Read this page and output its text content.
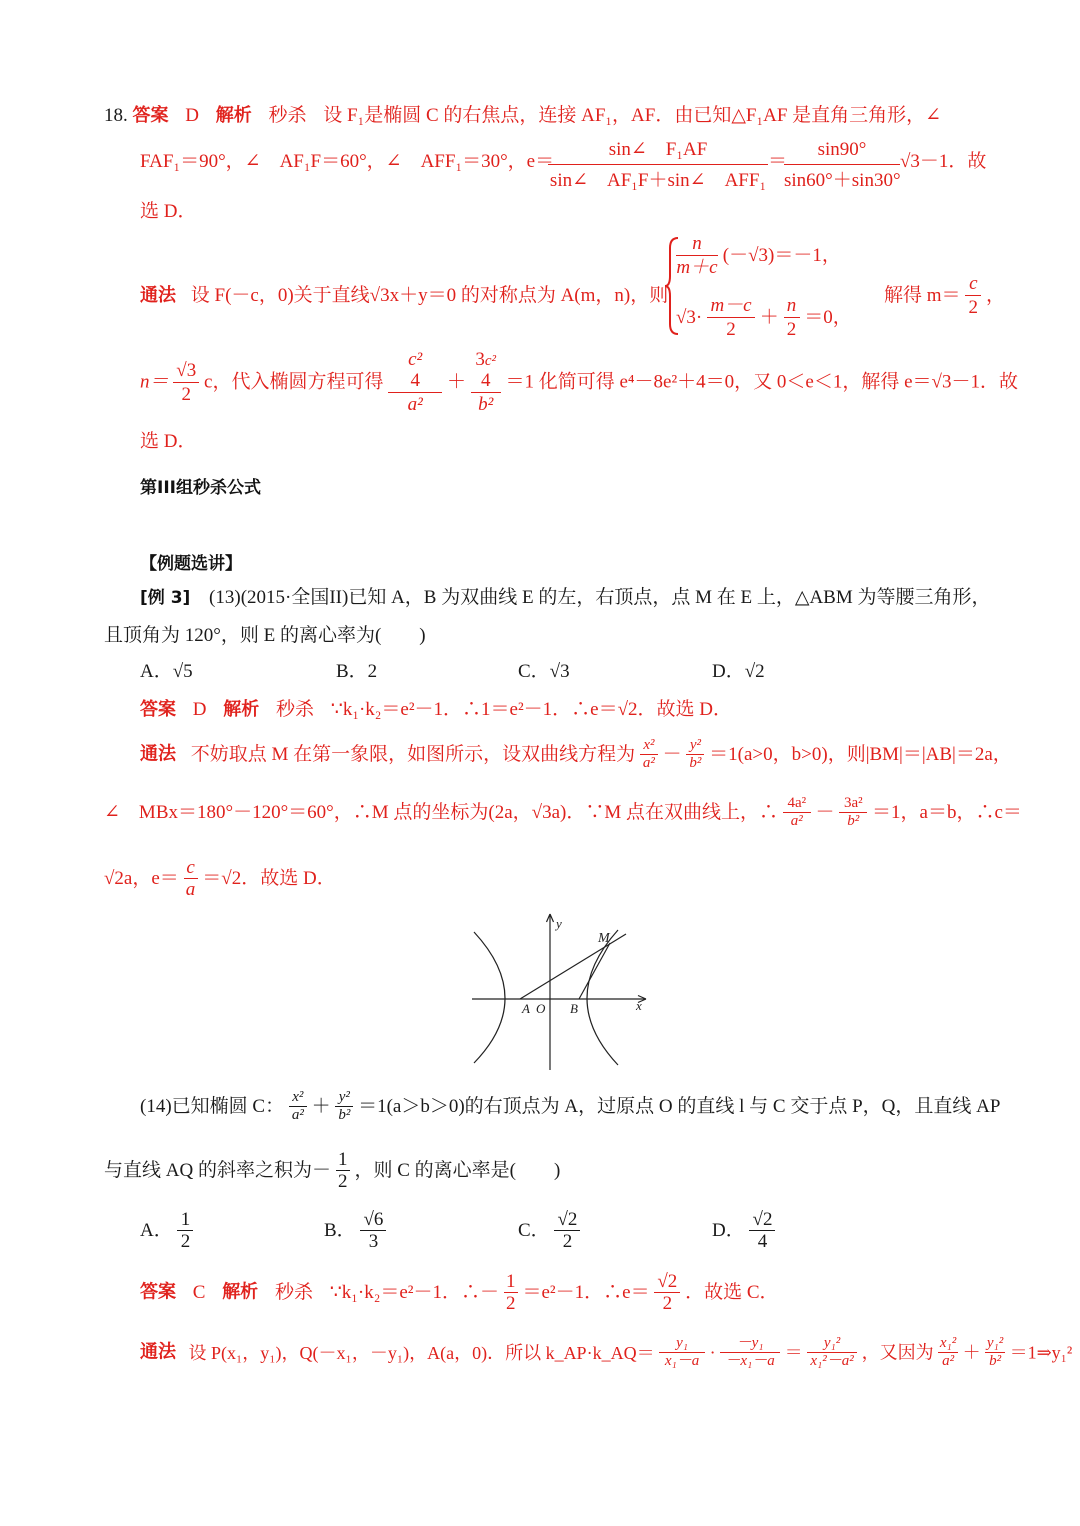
18. 答案 D 解析 秒杀 设 F₁是椭圆 C 的右焦点，连接 AF₁，AF．由已知△F₁AF 是直角三角形，∠
FAF₁＝90°，∠　AF₁F＝60°，∠　AFF₁＝30°，e＝
sin∠　F₁AF
sin∠　AF₁F＋sin∠　AFF₁
＝
sin90°
sin60°＋sin30°
√3－1．故
选 D．
通法 设 F(－c，0)关于直线√3x＋y＝0 的对称点为 A(m，n)，则
$\frac{n}{m+c} (-√3)=-1$，
$√3\cdot \frac{m-c}{2} + \frac{n}{2} =0$，
解得 $m= \frac{c}{2}$ ，
$n= \frac{√3}{2}$ c，代入椭圆方程可得
c²
4
a²
＋
3c²
4
b²
＝1 化简可得 e⁴－8e²＋4＝0，又 0＜e＜1，解得 e＝√3－1．故
选 D．
第III组秒杀公式
【例题选讲】
[例 3] (13)(2015·全国II)已知 A，B 为双曲线 E 的左，右顶点，点 M 在 E 上，△ABM 为等腰三角形，
且顶角为 120°，则 E 的离心率为(　　)
A．√5	B．2	C．√3	D．√2
答案 D 解析 秒杀 ∵k₁·k₂＝e²－1．∴1＝e²－1．∴e＝√2．故选 D．
通法 不妨取点 M 在第一象限，如图所示，设双曲线方程为 $\frac{\text{x²}}{\text{a²}} - \frac{\text{y²}}{\text{b²}} =1(a>0$，b>0)，则|BM|＝|AB|＝2a，
∠　MBx＝180°－120°＝60°，∴M 点的坐标为(2a，√3a)．∵M 点在双曲线上，∴ $\frac{\text{4a²}}{\text{a²}} - \frac{\text{3a²}}{\text{b²}} =1$，a＝b，∴c＝
√2a，$e= \frac{c}{a} =√2$．故选 D．
y
x
M
A O B
(14)已知椭圆 C： $\frac{\text{x²}}{\text{a²}} + \frac{\text{y²}}{\text{b²}} =1(a>b>0)$的右顶点为 A，过原点 O 的直线 l 与 C 交于点 P，Q，且直线 AP
与直线 AQ 的斜率之积为－ $\frac{1}{2}$ ，则 C 的离心率是(　　)
A． $\frac{1}{2}$	B． $\frac{√6}{3}$	C． $\frac{√2}{2}$	D． $\frac{√2}{4}$
答案 C 解析 秒杀 ∵k₁·k₂＝e²－1．∴－ $\frac{1}{2} =e^2-1$．∴e＝ $\frac{√2}{2}$ ．故选 C．
通法 设 P(x₁，y₁)，Q(－x₁，－y₁)，A(a，0)．所以 k_AP·k_AQ＝ $\frac{\text{y₁}}{\text{x₁－a}} \cdot \frac{\text{－y₁}}{\text{－x₁－a}} = \frac{\text{y₁²}}{\text{x₁²－a²}}$ ，又因为 $\frac{\text{x₁²}}{\text{a²}} + \frac{\text{y₁²}}{\text{b²}}$ ＝1⇒y₁²
